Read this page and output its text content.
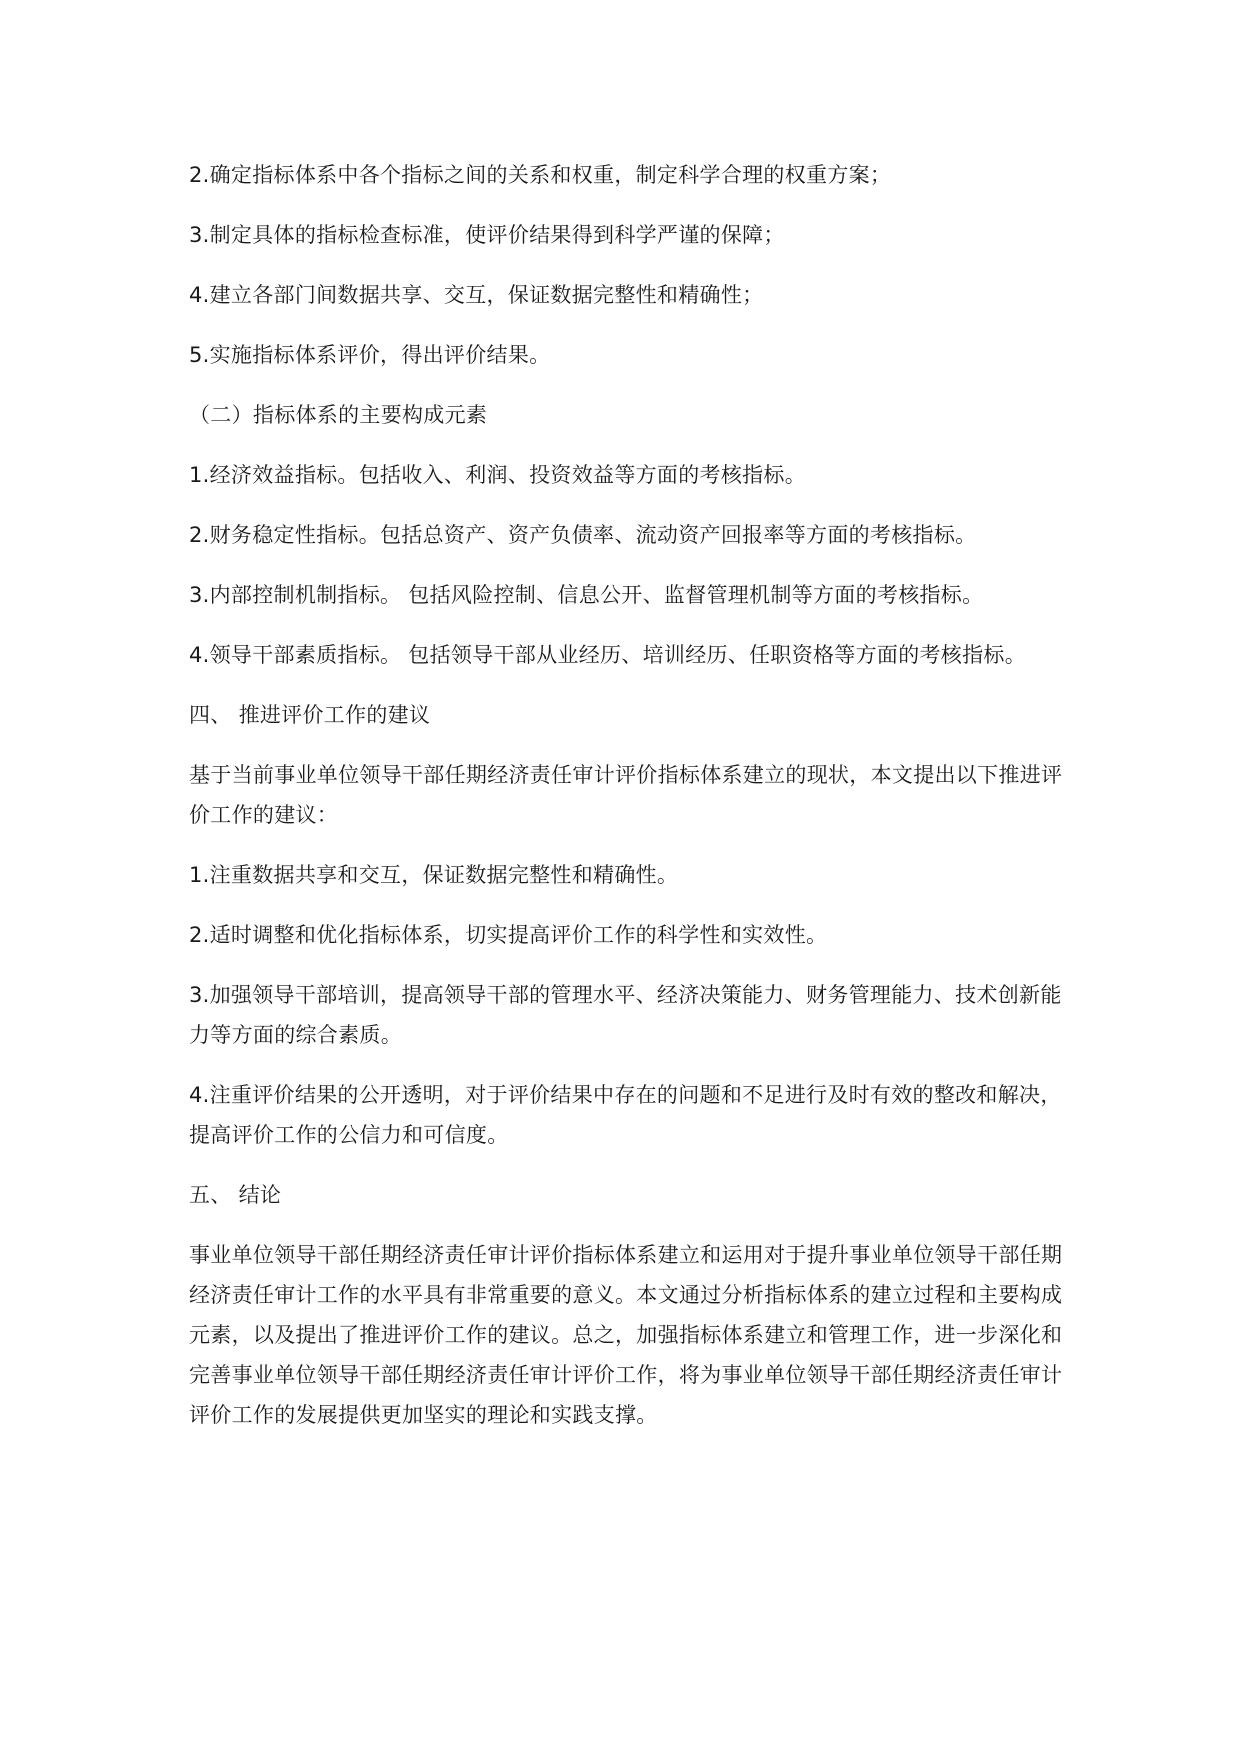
2.确定指标体系中各个指标之间的关系和权重，制定科学合理的权重方案；

3.制定具体的指标检查标准，使评价结果得到科学严谨的保障；

4.建立各部门间数据共享、交互，保证数据完整性和精确性；

5.实施指标体系评价，得出评价结果。

（二）指标体系的主要构成元素

1.经济效益指标。包括收入、利润、投资效益等方面的考核指标。

2.财务稳定性指标。包括总资产、资产负债率、流动资产回报率等方面的考核指标。

3.内部控制机制指标。 包括风险控制、信息公开、监督管理机制等方面的考核指标。

4.领导干部素质指标。 包括领导干部从业经历、培训经历、任职资格等方面的考核指标。

四、 推进评价工作的建议

基于当前事业单位领导干部任期经济责任审计评价指标体系建立的现状，本文提出以下推进评价工作的建议：

1.注重数据共享和交互，保证数据完整性和精确性。

2.适时调整和优化指标体系，切实提高评价工作的科学性和实效性。

3.加强领导干部培训，提高领导干部的管理水平、经济决策能力、财务管理能力、技术创新能力等方面的综合素质。

4.注重评价结果的公开透明，对于评价结果中存在的问题和不足进行及时有效的整改和解决，提高评价工作的公信力和可信度。

五、 结论

事业单位领导干部任期经济责任审计评价指标体系建立和运用对于提升事业单位领导干部任期经济责任审计工作的水平具有非常重要的意义。本文通过分析指标体系的建立过程和主要构成元素，以及提出了推进评价工作的建议。总之，加强指标体系建立和管理工作，进一步深化和完善事业单位领导干部任期经济责任审计评价工作，将为事业单位领导干部任期经济责任审计评价工作的发展提供更加坚实的理论和实践支撑。
